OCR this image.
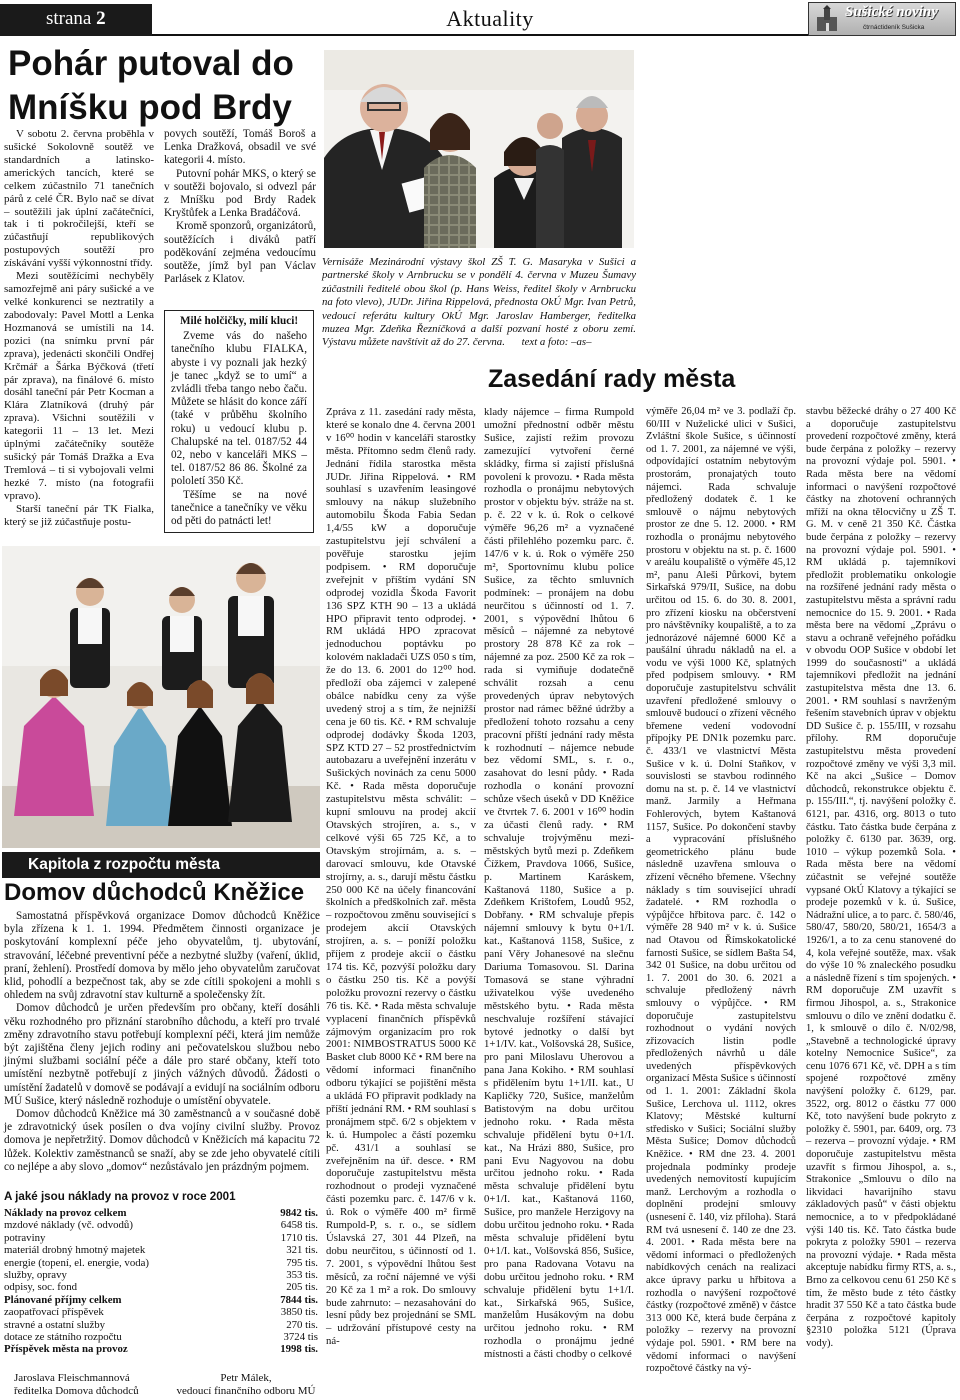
strana 2	Aktuality	Sušické noviny
čtrnáctideník Sušicka
Pohár putoval do Mníšku pod Brdy

V sobotu 2. června proběhla v sušické Sokolovně soutěž ve standardních a latinsko-amerických tancích, které se celkem zúčastnilo 71 tanečních párů z celé ČR. Bylo nač se dívat – soutěžili jak úplní začátečníci, tak i ti pokročilejší, kteří se zúčastňují republikových postupových soutěží pro získávání vyšší výkonnostní třídy.

Mezi soutěžícími nechyběly samozřejmě ani páry sušické a ve velké konkurenci se neztratily a zabodovaly: Pavel Mottl a Lenka Hozmanová se umístili na 14. pozici (na snímku první pár zprava), jedenácti skončili Ondřej Krčmář a Šárka Býčková (třetí pár zprava), na finálové 6. místo dosáhl taneční pár Petr Kocman a Klára Zlatníková (druhý pár zprava). Všichni soutěžili v kategorii 11 – 13 let. Mezi úplnými začátečníky soutěže sušický pár Tomáš Dražka a Eva Tremlová – ti si vybojovali velmi hezké 7. místo (na fotografii vpravo).

Starší taneční pár TK Fialka, který se již zúčastňuje postu-

povych soutěží, Tomáš Boroš a Lenka Dražková, obsadil ve své kategorii 4. místo.

Putovní pohár MKS, o který se v soutěži bojovalo, si odvezl pár z Mníšku pod Brdy Radek Kryštůfek a Lenka Bradáčová.

Kromě sponzorů, organizátorů, soutěžících i diváků patří poděkování zejména vedoucímu soutěže, jímž byl pan Václav Parlásek z Klatov.

Milé holčičky, milí kluci!

Zveme vás do našeho tanečního klubu FIALKA, abyste i vy poznali jak hezký je tanec „když se to umí“ a zvládli třeba tango nebo čaču. Můžete se hlásit do konce září (také v průběhu školního roku) u vedoucí klubu p. Chalupské na tel. 0187/52 44 02, nebo v kanceláři MKS – tel. 0187/52 86 86. Školné za pololetí 350 Kč.

Těšíme se na nové tanečnice a tanečníky ve věku od pěti do patnácti let!

Kapitola z rozpočtu města
Domov důchodců Kněžice

Samostatná příspěvková organizace Domov důchodců Kněžice byla zřízena k 1. 1. 1994. Předmětem činnosti organizace je poskytování komplexní péče jeho obyvatelům, tj. ubytování, stravování, léčebné preventivní péče a nezbytné služby (vaření, úklid, praní, žehlení). Prostředí domova by mělo jeho obyvatelům zaručovat klid, pohodlí a bezpečnost tak, aby se zde cítili spokojeni a mohli s ohledem na svůj zdravotní stav kulturně a společensky žít.

Domov důchodců je určen především pro občany, kteří dosáhli věku rozhodného pro přiznání starobního důchodu, a kteří pro trvalé změny zdravotního stavu potřebují komplexní péči, která jim nemůže být zajištěna členy jejich rodiny ani pečovatelskou službou nebo jinými službami sociální péče a dále pro staré občany, kteří toto umístění nezbytně potřebují z jiných vážných důvodů. Žádosti o umístění žadatelů v domově se podávají a evidují na sociálním odboru MÚ Sušice, který následně rozhoduje o umístění obyvatele.

Domov důchodců Kněžice má 30 zaměstnanců a v současné době je zdravotnický úsek posílen o dva vojíny civilní služby. Provoz domova je nepřetržitý. Domov důchodců v Kněžicích má kapacitu 72 lůžek. Kolektiv zaměstnanců se snaží, aby se zde jeho obyvatelé cítili co nejlépe a aby slovo „domov“ nezůstávalo jen prázdným pojmem.

A jaké jsou náklady na provoz v roce 2001
Náklady na provoz celkem	9842 tis.
mzdové náklady (vč. odvodů)	6458 tis.
potraviny	1710 tis.
materiál drobný hmotný majetek	321 tis.
energie (topení, el. energie, voda)	795 tis.
služby, opravy	353 tis.
odpisy, soc. fond	205 tis.
Plánované příjmy celkem	7844 tis.
zaopatřovací příspěvek	3850 tis.
stravné a ostatní služby	270 tis.
dotace ze státního rozpočtu	3724 tis
Příspěvek města na provoz	1998 tis.
Jaroslava Fleischmannová
ředitelka Domova důchodců
Petr Málek,
vedoucí finančního odboru MÚ
Vernisáže Mezinárodní výstavy škol ZŠ T. G. Masaryka v Sušici a partnerské školy v Arnbrucku se v pondělí 4. června v Muzeu Šumavy zúčastnili ředitelé obou škol (p. Hans Weiss, ředitel školy v Arnbrucku na foto vlevo), JUDr. Jiřina Rippelová, přednosta OkÚ Mgr. Ivan Petrů, vedoucí referátu kultury OkÚ Mgr. Jaroslav Hamberger, ředitelka muzea Mgr. Zdeňka Řezníčková a další pozvaní hosté z oboru zemí. Výstavu můžete navštívit až do 27. června. text a foto: –as–
Zasedání rady města

Zpráva z 11. zasedání rady města, které se konalo dne 4. června 2001 v 16⁰⁰ hodin v kanceláři starostky města. Přítomno sedm členů rady. Jednání řídila starostka města JUDr. Jiřina Rippelová. • RM souhlasí s uzavřením leasingové smlouvy na nákup služebního automobilu Škoda Fabia Sedan 1,4/55 kW a doporučuje zastupitelstvu její schválení a pověřuje starostku jejím podpisem. • RM doporučuje zveřejnit v příštím vydání SN odprodej vozidla Škoda Favorit 136 SPZ KTH 90 – 13 a ukládá HPO připravit tento odprodej. • RM ukládá HPO zpracovat jednoduchou poptávku po kolovém nakladači UZS 050 s tím, že do 13. 6. 2001 do 12⁰⁰ hod. předloží oba zájemci v zalepené obálce nabídku ceny za výše uvedený stroj a s tím, že nejnižší cena je 60 tis. Kč. • RM schvaluje odprodej dodávky Škoda 1203, SPZ KTD 27 – 52 prostřednictvím autobazaru a uveřejnění inzerátu v Sušických novinách za cenu 5000 Kč. • Rada města doporučuje zastupitelstvu města schválit: – kupní smlouvu na prodej akcií Otavských strojíren, a. s., v celkové výši 65 725 Kč, a to Otavským strojírnám, a. s. – darovací smlouvu, kde Otavské strojírny, a. s., darují městu částku 250 000 Kč na účely financování školních a předškolních zař. města – rozpočtovou změnu související s prodejem akcií Otavských strojíren, a. s. – poníží položku příjem z prodeje akcií o částku 174 tis. Kč, pozvýší položku dary o částku 250 tis. Kč a povýší položku provozní rezervy o částku 76 tis. Kč. • Rada města schvaluje vyplacení finančních příspěvků zájmovým organizacím pro rok 2001: NIMBOSTRATUS 5000 Kč Basket club 8000 Kč • RM bere na vědomí informaci finančního odboru týkající se pojištění města a ukládá FO připravit podklady na příští jednání RM. • RM souhlasí s pronájmem stpč. 6/2 s objektem v k. ú. Humpolec a částí pozemku pč. 431/1 a souhlasí se zveřejněním na úř. desce. • RM doporučuje zastupitelstvu města rozhodnout o prodeji vyznačené části pozemku parc. č. 147/6 v k. ú. Rok o výměře 400 m² firmě Rumpold-P, s. r. o., se sídlem Úslavská 27, 301 44 Plzeň, na dobu neurčitou, s účinností od 1. 7. 2001, s výpovědní lhůtou šest měsíců, za roční nájemné ve výši 20 Kč za 1 m² a rok. Do smlouvy bude zahrnuto: – nezasahování do lesní půdy bez projednání se SML – udržování přístupové cesty na ná-

klady nájemce – firma Rumpold umožní přednostní odběr městu Sušice, zajistí režim provozu zamezující vytvoření černé skládky, firma si zajistí příslušná povolení k provozu. • Rada města rozhodla o pronájmu nebytových prostor v objektu býv. stráže na st. p. č. 22 v k. ú. Rok o celkové výměře 96,26 m² a vyznačené části přilehlého pozemku parc. č. 147/6 v k. ú. Rok o výměře 250 m², Sportovnímu klubu police Sušice, za těchto smluvních podmínek: – pronájem na dobu neurčitou s účinností od 1. 7. 2001, s výpovědní lhůtou 6 měsíců – nájemné za nebytové prostory 28 878 Kč za rok – nájemné za poz. 2500 Kč za rok – rada si vymiňuje dodatečně schválit rozsah a cenu provedených úprav nebytových prostor nad rámec běžné údržby a předložení tohoto rozsahu a ceny pracovní příští jednání rady města k rozhodnutí – nájemce nebude bez vědomí SML, s. r. o., zasahovat do lesní půdy. • Rada rozhodla o konání provozní schůze všech úseků v DD Kněžice ve čtvrtek 7. 6. 2001 v 16⁰⁰ hodin za účasti členů rady. • RM schvaluje trojvýměnu mezi-městských bytů mezi p. Zdeňkem Čížkem, Pravdova 1066, Sušice, p. Martinem Karáskem, Kaštanová 1180, Sušice a p. Zdeňkem Krištofem, Loudů 952, Dobřany. • RM schvaluje přepis nájemní smlouvy k bytu 0+1/I. kat., Kaštanová 1158, Sušice, z paní Věry Johanesové na slečnu Dariuma Tomasovou. Sl. Darina Tomasová se stane výhradní uživatelkou výše uvedeného městského bytu. • Rada města neschvaluje rozšíření stávající bytové jednotky o další byt 1+1/IV. kat., Volšovská 28, Sušice, pro pani Miloslavu Uherovou a pana Jana Kokiho. • RM souhlasí s přidělením bytu 1+1/II. kat., U Kapličky 720, Sušice, manželům Batistovým na dobu určitou jednoho roku. • Rada města schvaluje přidělení bytu 0+1/I. kat., Na Hrázi 880, Sušice, pro pani Evu Nagyovou na dobu určitou jednoho roku. • Rada města schvaluje přidělení bytu 0+1/I. kat., Kaštanová 1160, Sušice, pro manžele Herzigovy na dobu určitou jednoho roku. • Rada města schvaluje přidělení bytu 0+1/I. kat., Volšovská 856, Sušice, pro pana Radovana Votavu na dobu určitou jednoho roku. • RM schvaluje přidělení bytu 1+1/I. kat., Sirkařská 965, Sušice, manželům Husákovým na dobu určitou jednoho roku. • RM rozhodla o pronájmu jedné místnosti a části chodby o celkové

výměře 26,04 m² ve 3. podlaží čp. 60/III v Nuželické ulici v Sušici, Zvláštní škole Sušice, s účinností od 1. 7. 2001, za nájemné ve výši, odpovídající ostatním nebytovým prostorám, pronajatých touto nájemci. Rada schvaluje předložený dodatek č. 1 ke smlouvě o nájmu nebytových prostor ze dne 5. 12. 2000. • RM rozhodla o pronájmu nebytového prostoru v objektu na st. p. č. 1600 v areálu koupaliště o výměře 45,12 m², panu Aleši Půrkovi, bytem Sirkařská 979/II, Sušice, na dobu určitou od 15. 6. do 30. 8. 2001, pro zřízení kiosku na občerstvení pro návštěvníky koupaliště, a to za jednorázové nájemné 6000 Kč a paušální úhradu nákladů na el. a vodu ve výši 1000 Kč, splatných před podpisem smlouvy. • RM doporučuje zastupitelstvu schválit uzavření předložené smlouvy o smlouvě budoucí o zřízení věcného břemene vedení vodovodní přípojky PE DN1k pozemku parc. č. 433/1 ve vlastnictví Města Sušice v k. ú. Dolní Staňkov, v souvislosti se stavbou rodinného domu na st. p. č. 14 ve vlastnictví manž. Jarmily a Heřmana Fohlerových, bytem Kaštanová 1157, Sušice. Po dokončení stavby a vypracování příslušného geometrického plánu bude následně uzavřena smlouva o zřízení věcného břemene. Všechny náklady s tím související uhradí žadatelé. • RM rozhodla o výpůjčce hřbitova parc. č. 142 o výměře 28 940 m² v k. ú. Sušice nad Otavou od Římskokatolické farnosti Sušice, se sídlem Bašta 54, 342 01 Sušice, na dobu určitou od 1. 7. 2001 do 30. 6. 2021 a schvaluje předložený návrh smlouvy o výpůjčce. • RM doporučuje zastupitelstvu rozhodnout o vydání nových zřizovacích listin podle předložených návrhů u dále uvedených příspěvkových organizací Města Sušice s účinností od 1. 1. 2001: Základní škola Sušice, Lerchova ul. 1112, okres Klatovy; Městské kulturní středisko v Sušici; Sociální služby Města Sušice; Domov důchodců Kněžice. • RM dne 23. 4. 2001 projednala podmínky prodeje uvedených nemovitostí kupujícím manž. Lerchovým a rozhodla o doplnění prodejní smlouvy (usnesení č. 140, viz příloha). Stará RM tvá usnesení č. 140 ze dne 23. 4. 2001. • Rada města bere na vědomí informaci o předložených nabídkových cenách na realizaci akce úpravy parku u hřbitova a rozhodla o navýšení rozpočtové částky (rozpočtové změně) v částce 313 000 Kč, která bude čerpána z položky – rezervy na provozní výdaje pol. 5901. • RM bere na vědomí informaci o navýšení rozpočtové částky na vý-

stavbu běžecké dráhy o 27 400 Kč a doporučuje zastupitelstvu provedení rozpočtové změny, která bude čerpána z položky – rezervy na provozní výdaje pol. 5901. • Rada města bere na vědomí informaci o navýšení rozpočtové částky na zhotovení ochranných mříží na okna tělocvičny u ZŠ T. G. M. v ceně 21 350 Kč. Částka bude čerpána z položky – rezervy na provozní výdaje pol. 5901. • RM ukládá p. tajemníkovi předložit problematiku onkologie na rozšířené jednání rady města o zastupitelstvu města a správní radu nemocnice do 15. 9. 2001. • Rada města bere na vědomí „Zprávu o stavu a ochraně veřejného pořádku v obvodu OOP Sušice v období let 1999 do současnosti“ a ukládá tajemníkovi předložit na jednání zastupitelstva města dne 13. 6. 2001. • RM souhlasí s navrženým řešením stavebních úprav v objektu DD Sušice č. p. 155/III, v rozsahu přílohy. RM doporučuje zastupitelstvu města provedení rozpočtové změny ve výši 3,3 mil. Kč na akci „Sušice – Domov důchodců, rekonstrukce objektu č. p. 155/III.“, tj. navýšení položky č. 6121, par. 4316, org. 8013 o tuto částku. Tato částka bude čerpána z položky č. 6130 par. 3639, org. 1010 – výkup pozemků Sola. • Rada města bere na vědomí zúčastnit se veřejné soutěže vypsané OkÚ Klatovy a týkající se prodeje pozemků v k. ú. Sušice, Nádražní ulice, a to parc. č. 580/46, 580/47, 580/20, 580/21, 1654/3 a 1926/1, a to za cenu stanovené do 4, kola veřejné soutěže, max. však do výše 10 % znaleckého posudku a následně řízení s tím spojených. • RM doporučuje ZM uzavřít s firmou Jihospol, a. s., Strakonice smlouvu o dílo ve znění dodatku č. 1, k smlouvě o dílo č. N/02/98, „Stavebně a technologické úpravy kotelny Nemocnice Sušice“, za cenu 1076 671 Kč, vč. DPH a s tím spojené rozpočtové změny navýšení položky č. 6129, par. 3522, org. 8012 o částku 77 000 Kč, toto navýšení bude pokryto z položky č. 5901, par. 6409, org. 73 – rezerva – provozní výdaje. • RM doporučuje zastupitelstvu města uzavřít s firmou Jihospol, a. s., Strakonice „Smlouvu o dílo na likvidaci havarijního stavu základových pasů“ v části objektu nemocnice, a to v předpokládané výši 140 tis. Kč. Tato částka bude pokryta z položky 5901 – rezerva na provozní výdaje. • Rada města akceptuje nabídku firmy RTS, a. s., Brno za celkovou cenu 61 250 Kč s tím, že město bude z této částky hradit 37 550 Kč a tato částka bude čerpána z rozpočtové kapitoly §2310 položka 5121 (Úprava vody).
